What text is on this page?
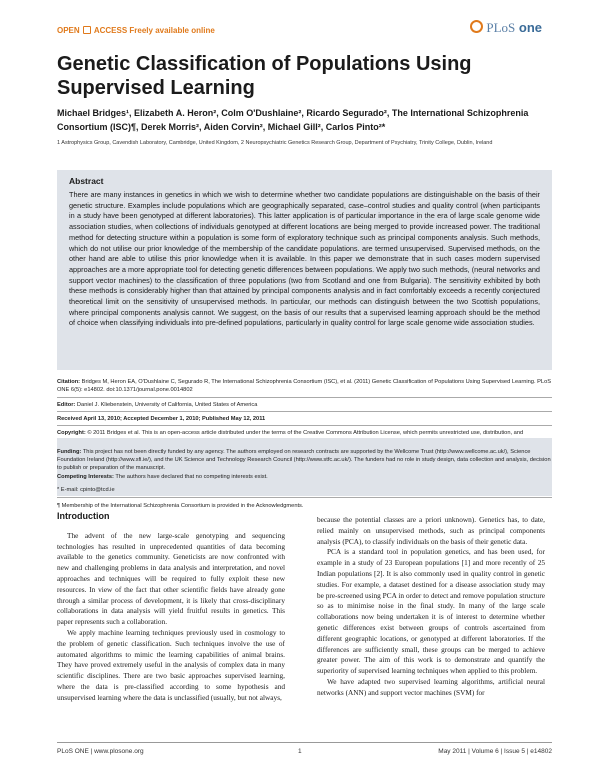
OPEN ACCESS Freely available online	PLoS one
Genetic Classification of Populations Using Supervised Learning
Michael Bridges¹, Elizabeth A. Heron², Colm O'Dushlaine², Ricardo Segurado², The International Schizophrenia Consortium (ISC)¶, Derek Morris², Aiden Corvin², Michael Gill², Carlos Pinto²*
1 Astrophysics Group, Cavendish Laboratory, Cambridge, United Kingdom, 2 Neuropsychiatric Genetics Research Group, Department of Psychiatry, Trinity College, Dublin, Ireland
Abstract
There are many instances in genetics in which we wish to determine whether two candidate populations are distinguishable on the basis of their genetic structure. Examples include populations which are geographically separated, case–control studies and quality control (when participants in a study have been genotyped at different laboratories). This latter application is of particular importance in the era of large scale genome wide association studies, when collections of individuals genotyped at different locations are being merged to provide increased power. The traditional method for detecting structure within a population is some form of exploratory technique such as principal components analysis. Such methods, which do not utilise our prior knowledge of the membership of the candidate populations. are termed unsupervised. Supervised methods, on the other hand are able to utilise this prior knowledge when it is available. In this paper we demonstrate that in such cases modern supervised approaches are a more appropriate tool for detecting genetic differences between populations. We apply two such methods, (neural networks and support vector machines) to the classification of three populations (two from Scotland and one from Bulgaria). The sensitivity exhibited by both these methods is considerably higher than that attained by principal components analysis and in fact comfortably exceeds a recently conjectured theoretical limit on the sensitivity of unsupervised methods. In particular, our methods can distinguish between the two Scottish populations, where principal components analysis cannot. We suggest, on the basis of our results that a supervised learning approach should be the method of choice when classifying individuals into pre-defined populations, particularly in quality control for large scale genome wide association studies.
Citation: Bridges M, Heron EA, O'Dushlaine C, Segurado R, The International Schizophrenia Consortium (ISC), et al. (2011) Genetic Classification of Populations Using Supervised Learning. PLoS ONE 6(5): e14802. doi:10.1371/journal.pone.0014802
Editor: Daniel J. Kliebenstein, University of California, United States of America
Received April 13, 2010; Accepted December 1, 2010; Published May 12, 2011
Copyright: © 2011 Bridges et al. This is an open-access article distributed under the terms of the Creative Commons Attribution License, which permits unrestricted use, distribution, and
Funding: This project has not been directly funded by any agency. The authors employed on research contracts are supported by the Wellcome Trust (http://www.wellcome.ac.uk/), Science Foundation Ireland (http://www.sfi.ie/), and the UK Science and Technology Research Council (http://www.stfc.ac.uk/). The funders had no role in study design, data collection and analysis, decision to publish or preparation of the manuscript.
Competing Interests: The authors have declared that no competing interests exist.
* E-mail: cpinto@tcd.ie
¶ Membership of the International Schizophrenia Consortium is provided in the Acknowledgments.
Introduction

The advent of the new large-scale genotyping and sequencing technologies has resulted in unprecedented quantities of data becoming available to the genetics community. Geneticists are now confronted with new and challenging problems in data analysis and interpretation, and novel approaches and techniques will be required to fully exploit these new resources. In view of the fact that other scientific fields have already gone through a similar process of development, it is likely that cross-disciplinary collaborations in data analysis will yield fruitful results in genetics. This paper represents such a collaboration.

We apply machine learning techniques previously used in cosmology to the problem of genetic classification. Such techniques involve the use of automated algorithms to mimic the learning capabilities of animal brains. They have proved extremely useful in the analysis of complex data in many scientific disciplines. There are two basic approaches supervised learning, where the data is pre-classified according to some hypothesis and unsupervised learning where the data is unclassified (usually, but not always,

because the potential classes are a priori unknown). Genetics has, to date, relied mainly on unsupervised methods, such as principal components analysis (PCA), to classify individuals on the basis of their genetic data.

PCA is a standard tool in population genetics, and has been used, for example in a study of 23 European populations [1] and more recently of 25 Indian populations [2]. It is also commonly used in quality control in genetic studies. For example, a dataset destined for a disease association study may be pre-screened using PCA in order to detect and remove population structure so as to minimise noise in the final study. In many of the large scale collaborations now being undertaken it is of interest to determine whether genetic differences exist between groups of controls ascertained from different geographic locations, or genotyped at different laboratories. If the differences are sufficiently small, these groups can be merged to achieve greater power. The aim of this work is to demonstrate and quantify the superiority of supervised learning techniques when applied to this problem.

We have adapted two supervised learning algorithms, artificial neural networks (ANN) and support vector machines (SVM) for

PLoS ONE | www.plosone.org	1	May 2011 | Volume 6 | Issue 5 | e14802
